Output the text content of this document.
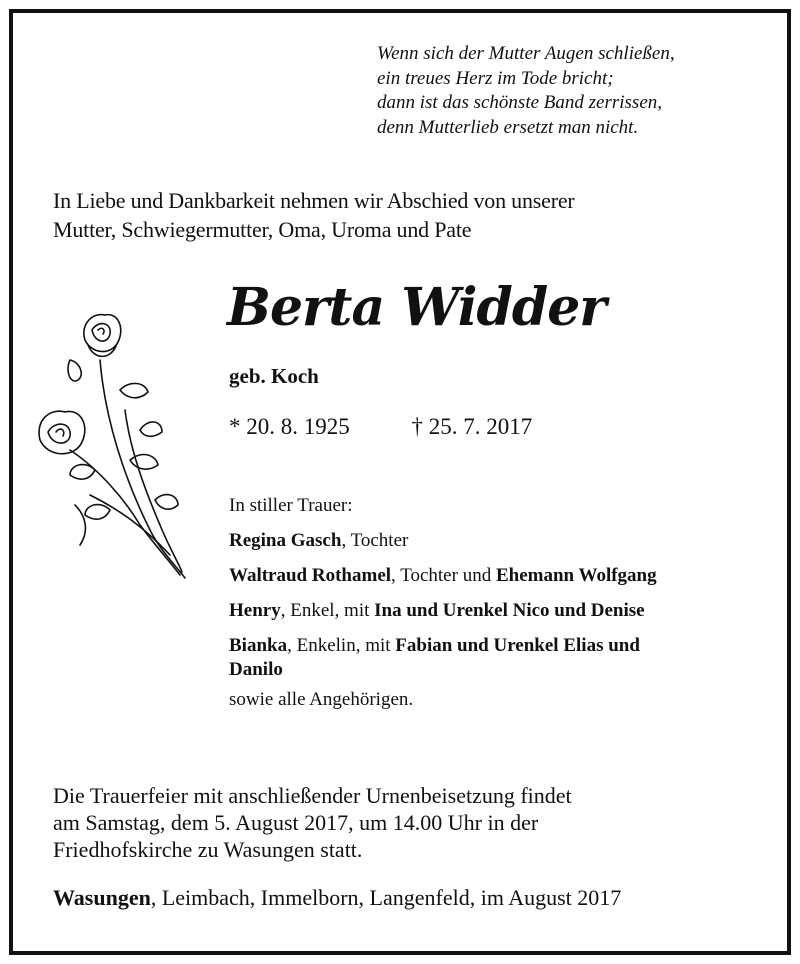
Wenn sich der Mutter Augen schließen,
ein treues Herz im Tode bricht;
dann ist das schönste Band zerrissen,
denn Mutterlieb ersetzt man nicht.
In Liebe und Dankbarkeit nehmen wir Abschied von unserer
Mutter, Schwiegermutter, Oma, Uroma und Pate
Berta Widder
geb. Koch
* 20. 8. 1925	† 25. 7. 2017
In stiller Trauer:
Regina Gasch, Tochter
Waltraud Rothamel, Tochter und Ehemann Wolfgang
Henry, Enkel, mit Ina und Urenkel Nico und Denise
Bianka, Enkelin, mit Fabian und Urenkel Elias und
Danilo
sowie alle Angehörigen.
Die Trauerfeier mit anschließender Urnenbeisetzung findet
am Samstag, dem 5. August 2017, um 14.00 Uhr in der
Friedhofskirche zu Wasungen statt.
Wasungen, Leimbach, Immelborn, Langenfeld, im August 2017
